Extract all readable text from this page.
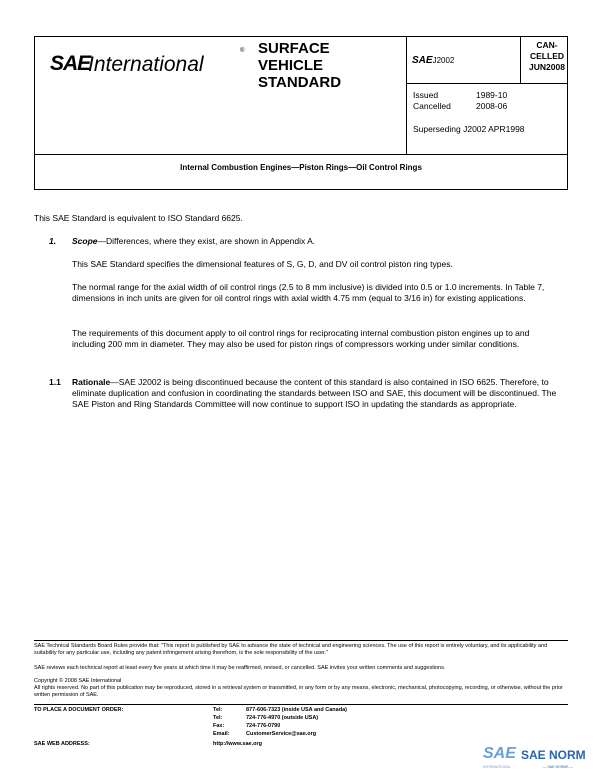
SAE
International
® SURFACE
VEHICLE
STANDARD
SAEJ2002
CAN-
CELLED
JUN2008
Issued	1989-10
Cancelled	2008-06
Superseding J2002 APR1998
Internal Combustion Engines—Piston Rings—Oil Control Rings
This SAE Standard is equivalent to ISO Standard 6625.
1. Scope—Differences, where they exist, are shown in Appendix A.
This SAE Standard specifies the dimensional features of S, G, D, and DV oil control piston ring types.
The normal range for the axial width of oil control rings (2.5 to 8 mm inclusive) is divided into 0.5 or 1.0 increments. In Table 7, dimensions in inch units are given for oil control rings with axial width 4.75 mm (equal to 3/16 in) for existing applications.
The requirements of this document apply to oil control rings for reciprocating internal combustion piston engines up to and including 200 mm in diameter. They may also be used for piston rings of compressors working under similar conditions.
1.1 Rationale—SAE J2002 is being discontinued because the content of this standard is also contained in ISO 6625. Therefore, to eliminate duplication and confusion in coordinating the standards between ISO and SAE, this document will be discontinued. The SAE Piston and Ring Standards Committee will now continue to support ISO in updating the standards as appropriate.
SAE Technical Standards Board Rules provide that: "This report is published by SAE to advance the state of technical and engineering sciences. The use of this report is entirely voluntary, and its applicability and suitability for any particular use, including any patent infringement arising therefrom, is the sole responsibility of the user."
SAE reviews each technical report at least every five years at which time it may be reaffirmed, revised, or cancelled. SAE invites your written comments and suggestions.
Copyright © 2008 SAE International
All rights reserved. No part of this publication may be reproduced, stored in a retrieval system or transmitted, in any form or by any means, electronic, mechanical, photocopying, recording, or otherwise, without the prior written permission of SAE.
TO PLACE A DOCUMENT ORDER:	Tel:	877-606-7323 (inside USA and Canada)
Tel:	724-776-4970 (outside USA)
Fax:	724-776-0790
Email:	CustomerService@sae.org
SAE WEB ADDRESS:	http://www.sae.org
SAE SAE NORM
INTERNATIONAL	— SAE NORMS —
